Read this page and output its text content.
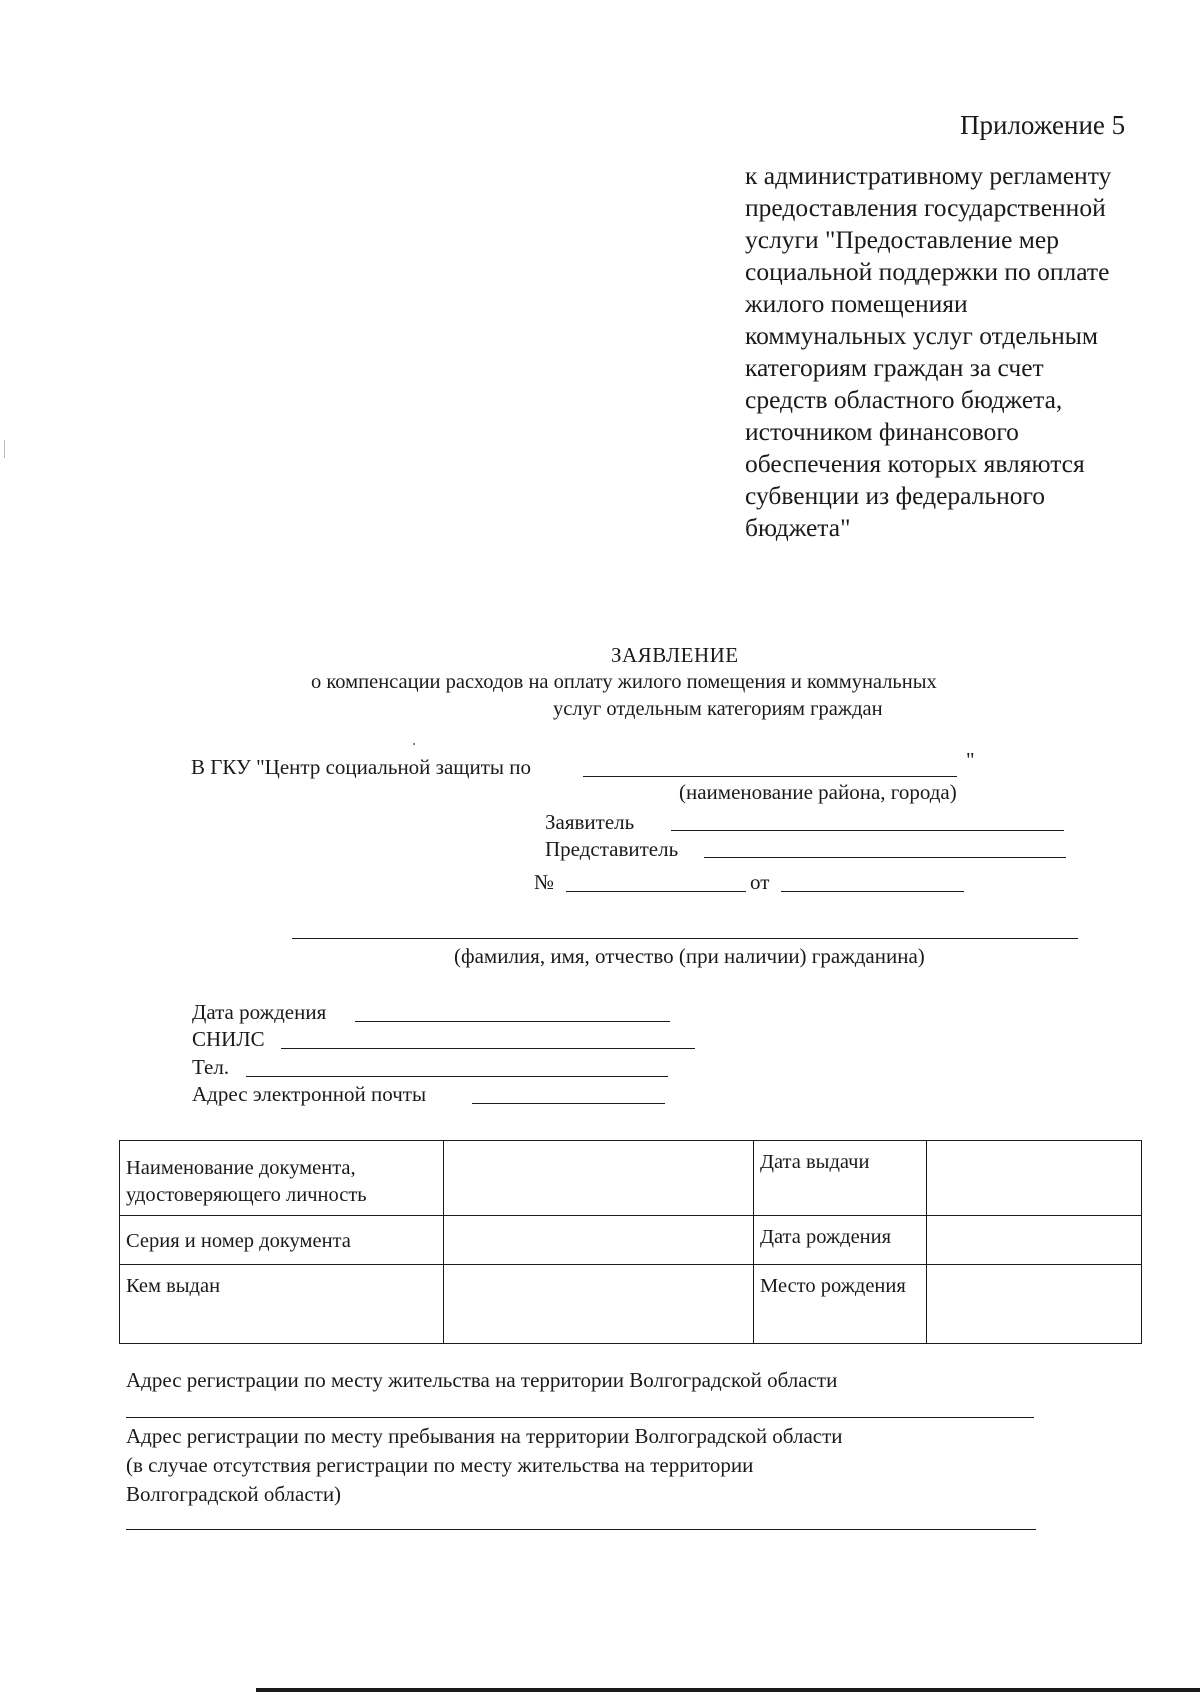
Приложение 5
к административному регламенту
предоставления государственной
услуги "Предоставление мер
социальной поддержки по оплате
жилого помещенияи
коммунальных услуг отдельным
категориям граждан за счет
средств областного бюджета,
источником финансового
обеспечения которых являются
субвенции из федерального
бюджета"
ЗАЯВЛЕНИЕ
о компенсации расходов на оплату жилого помещения и коммунальных
услуг отдельным категориям граждан
В ГКУ "Центр социальной защиты по	"
(наименование района, города)
Заявитель
Представитель
№	от
(фамилия, имя, отчество (при наличии) гражданина)
Дата рождения
СНИЛС
Тел.
Адрес электронной почты
Наименование документа, удостоверяющего личность		Дата выдачи	
Серия и номер документа		Дата рождения	
Кем выдан		Место рождения	
Адрес регистрации по месту жительства на территории Волгоградской области
Адрес регистрации по месту пребывания на территории Волгоградской области
(в случае отсутствия регистрации по месту жительства на территории
Волгоградской области)
